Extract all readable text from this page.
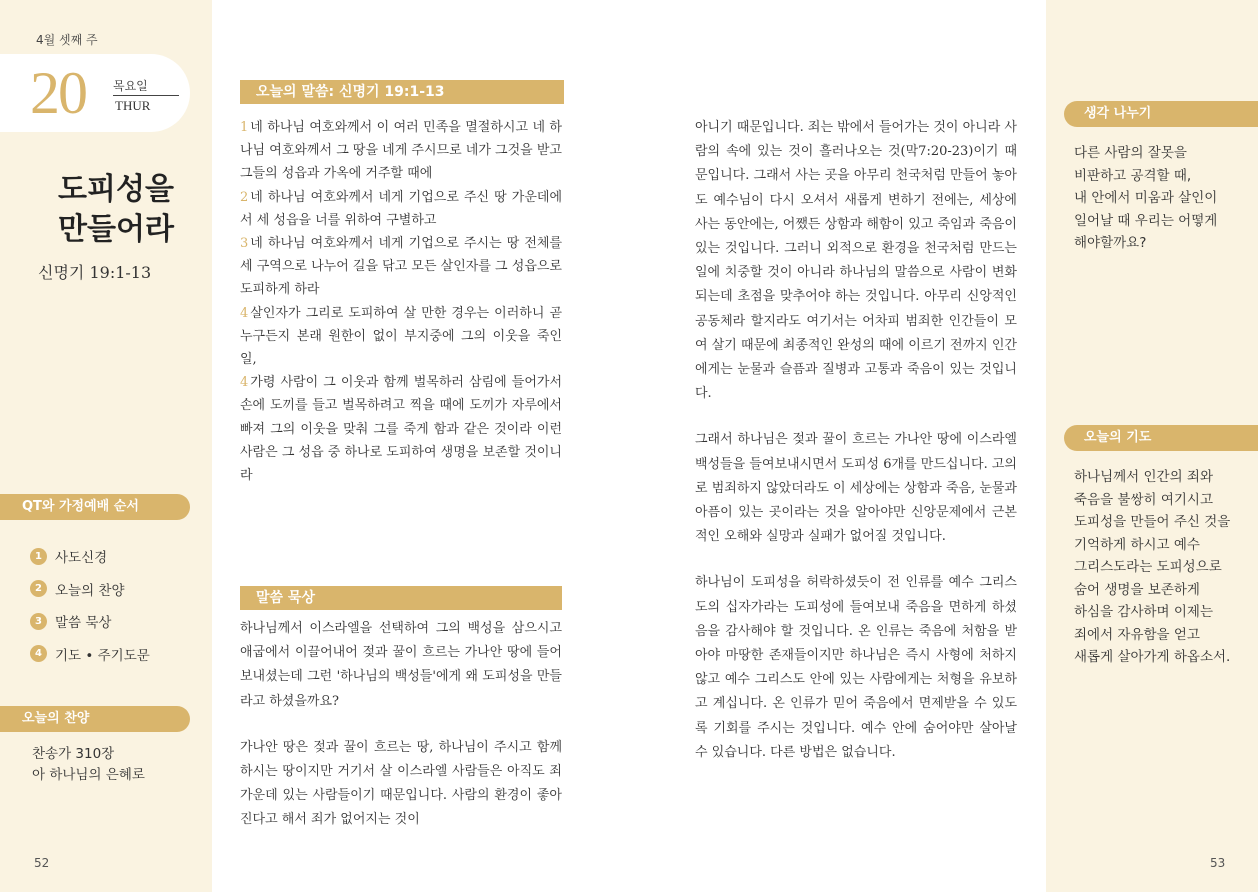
4월 셋째 주
20 목요일
THUR
도피성을
만들어라
신명기 19:1-13
QT와 가정예배 순서
1 사도신경
2 오늘의 찬양
3 말씀 묵상
4 기도 • 주기도문
오늘의 찬양
찬송가 310장
아 하나님의 은혜로
52
오늘의 말씀: 신명기 19:1-13
1 네 하나님 여호와께서 이 여러 민족을 멸절하시고 네 하나님 여호와께서 그 땅을 네게 주시므로 네가 그것을 받고 그들의 성읍과 가옥에 거주할 때에
2 네 하나님 여호와께서 네게 기업으로 주신 땅 가운데에서 세 성읍을 너를 위하여 구별하고
3 네 하나님 여호와께서 네게 기업으로 주시는 땅 전체를 세 구역으로 나누어 길을 닦고 모든 살인자를 그 성읍으로 도피하게 하라
4 살인자가 그리로 도피하여 살 만한 경우는 이러하니 곧 누구든지 본래 원한이 없이 부지중에 그의 이웃을 죽인 일,
4 가령 사람이 그 이웃과 함께 벌목하러 삼림에 들어가서 손에 도끼를 들고 벌목하려고 찍을 때에 도끼가 자루에서 빠져 그의 이웃을 맞춰 그를 죽게 함과 같은 것이라 이런 사람은 그 성읍 중 하나로 도피하여 생명을 보존할 것이니라
말씀 묵상

하나님께서 이스라엘을 선택하여 그의 백성을 삼으시고 애굽에서 이끌어내어 젖과 꿀이 흐르는 가나안 땅에 들어보내셨는데 그런 '하나님의 백성들'에게 왜 도피성을 만들라고 하셨을까요?

가나안 땅은 젖과 꿀이 흐르는 땅, 하나님이 주시고 함께 하시는 땅이지만 거기서 살 이스라엘 사람들은 아직도 죄 가운데 있는 사람들이기 때문입니다. 사람의 환경이 좋아진다고 해서 죄가 없어지는 것이

아니기 때문입니다. 죄는 밖에서 들어가는 것이 아니라 사람의 속에 있는 것이 흘러나오는 것(막7:20-23)이기 때문입니다. 그래서 사는 곳을 아무리 천국처럼 만들어 놓아도 예수님이 다시 오셔서 새롭게 변하기 전에는, 세상에 사는 동안에는, 어쨌든 상함과 해함이 있고 죽임과 죽음이 있는 것입니다. 그러니 외적으로 환경을 천국처럼 만드는 일에 치중할 것이 아니라 하나님의 말씀으로 사람이 변화되는데 초점을 맞추어야 하는 것입니다. 아무리 신앙적인 공동체라 할지라도 여기서는 어차피 범죄한 인간들이 모여 살기 때문에 최종적인 완성의 때에 이르기 전까지 인간에게는 눈물과 슬픔과 질병과 고통과 죽음이 있는 것입니다.

그래서 하나님은 젖과 꿀이 흐르는 가나안 땅에 이스라엘 백성들을 들여보내시면서 도피성 6개를 만드십니다. 고의로 범죄하지 않았더라도 이 세상에는 상함과 죽음, 눈물과 아픔이 있는 곳이라는 것을 알아야만 신앙문제에서 근본적인 오해와 실망과 실패가 없어질 것입니다.

하나님이 도피성을 허락하셨듯이 전 인류를 예수 그리스도의 십자가라는 도피성에 들여보내 죽음을 면하게 하셨음을 감사해야 할 것입니다. 온 인류는 죽음에 처함을 받아야 마땅한 존재들이지만 하나님은 즉시 사형에 처하지 않고 예수 그리스도 안에 있는 사람에게는 처형을 유보하고 계십니다. 온 인류가 믿어 죽음에서 면제받을 수 있도록 기회를 주시는 것입니다. 예수 안에 숨어야만 살아날 수 있습니다. 다른 방법은 없습니다.

생각 나누기
다른 사람의 잘못을
비판하고 공격할 때,
내 안에서 미움과 살인이
일어날 때 우리는 어떻게
해야할까요?
오늘의 기도
하나님께서 인간의 죄와
죽음을 불쌍히 여기시고
도피성을 만들어 주신 것을
기억하게 하시고 예수
그리스도라는 도피성으로
숨어 생명을 보존하게
하심을 감사하며 이제는
죄에서 자유함을 얻고
새롭게 살아가게 하옵소서.
53
